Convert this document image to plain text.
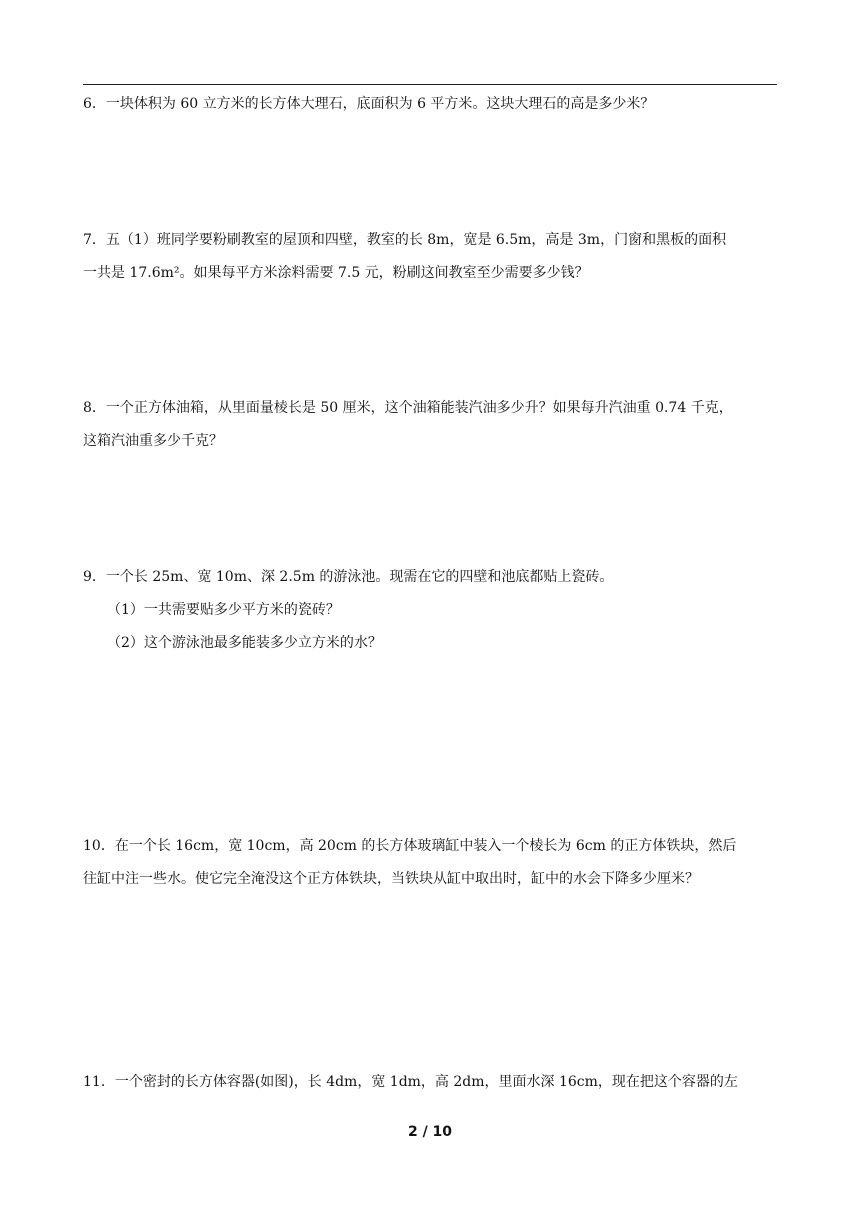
6．一块体积为 60 立方米的长方体大理石，底面积为 6 平方米。这块大理石的高是多少米？
7．五（1）班同学要粉刷教室的屋顶和四壁，教室的长 8m，宽是 6.5m，高是 3m，门窗和黑板的面积
一共是 17.6m²。如果每平方米涂料需要 7.5 元，粉刷这间教室至少需要多少钱？
8．一个正方体油箱，从里面量棱长是 50 厘米，这个油箱能装汽油多少升？如果每升汽油重 0.74 千克，
这箱汽油重多少千克？
9．一个长 25m、宽 10m、深 2.5m 的游泳池。现需在它的四壁和池底都贴上瓷砖。
（1）一共需要贴多少平方米的瓷砖？
（2）这个游泳池最多能装多少立方米的水？
10．在一个长 16cm，宽 10cm，高 20cm 的长方体玻璃缸中装入一个棱长为 6cm 的正方体铁块，然后
往缸中注一些水。使它完全淹没这个正方体铁块，当铁块从缸中取出时，缸中的水会下降多少厘米？
11．一个密封的长方体容器(如图)，长 4dm，宽 1dm，高 2dm，里面水深 16cm，现在把这个容器的左
2 / 10
